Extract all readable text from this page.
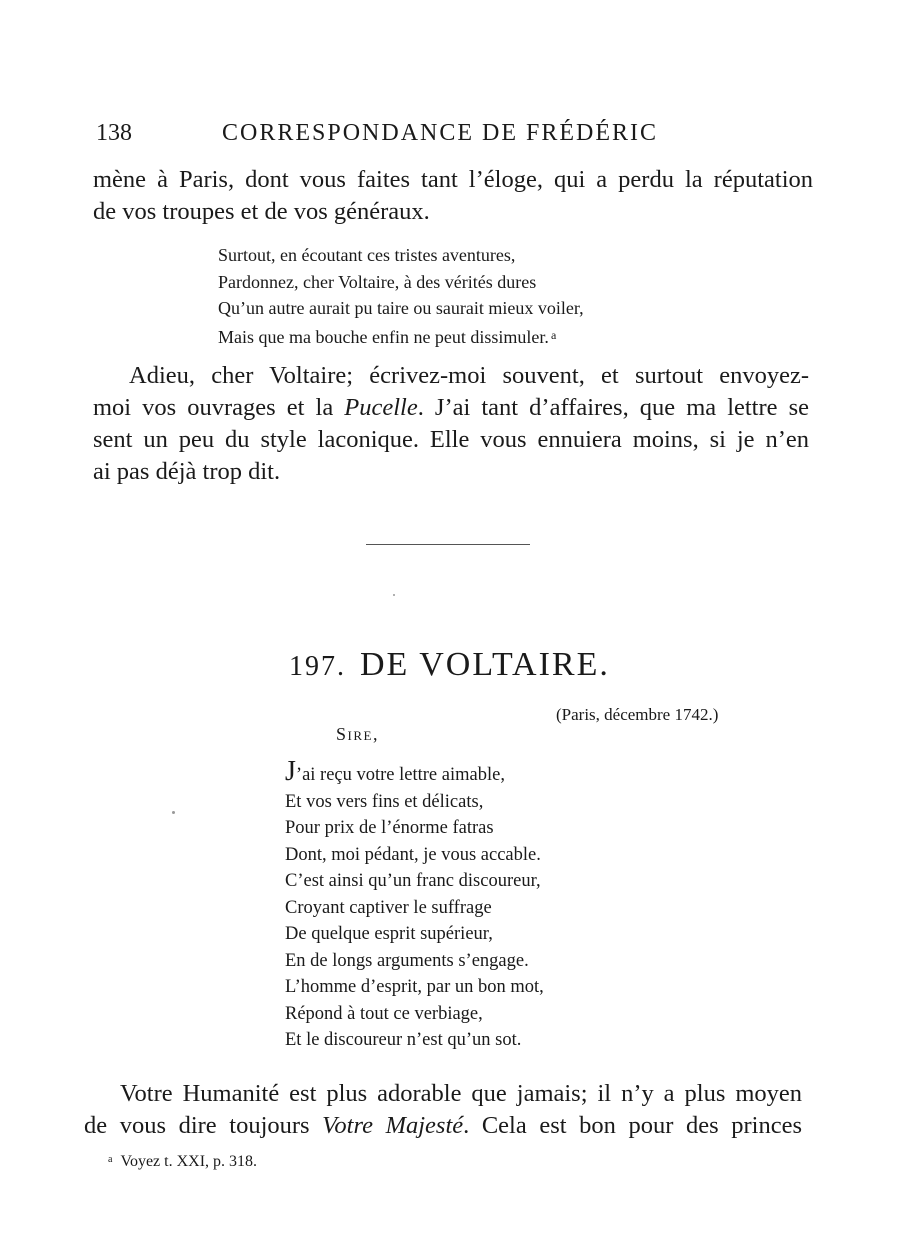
138	CORRESPONDANCE DE FRÉDÉRIC
mène à Paris, dont vous faites tant l’éloge, qui a perdu la réputation
de vos troupes et de vos généraux.
Surtout, en écoutant ces tristes aventures,
Pardonnez, cher Voltaire, à des vérités dures
Qu’un autre aurait pu taire ou saurait mieux voiler,
Mais que ma bouche enfin ne peut dissimuler. $^a$
Adieu, cher Voltaire; écrivez-moi souvent, et surtout envoyez-
moi vos ouvrages et la Pucelle. J’ai tant d’affaires, que ma lettre se
sent un peu du style laconique. Elle vous ennuiera moins, si je n’en
ai pas déjà trop dit.
197. DE VOLTAIRE.
(Paris, décembre 1742.)
Sire,
J’ai reçu votre lettre aimable,
Et vos vers fins et délicats,
Pour prix de l’énorme fatras
Dont, moi pédant, je vous accable.
C’est ainsi qu’un franc discoureur,
Croyant captiver le suffrage
De quelque esprit supérieur,
En de longs arguments s’engage.
L’homme d’esprit, par un bon mot,
Répond à tout ce verbiage,
Et le discoureur n’est qu’un sot.
Votre Humanité est plus adorable que jamais; il n’y a plus moyen
de vous dire toujours Votre Majesté. Cela est bon pour des princes
$^a$ Voyez t. XXI, p. 318.
